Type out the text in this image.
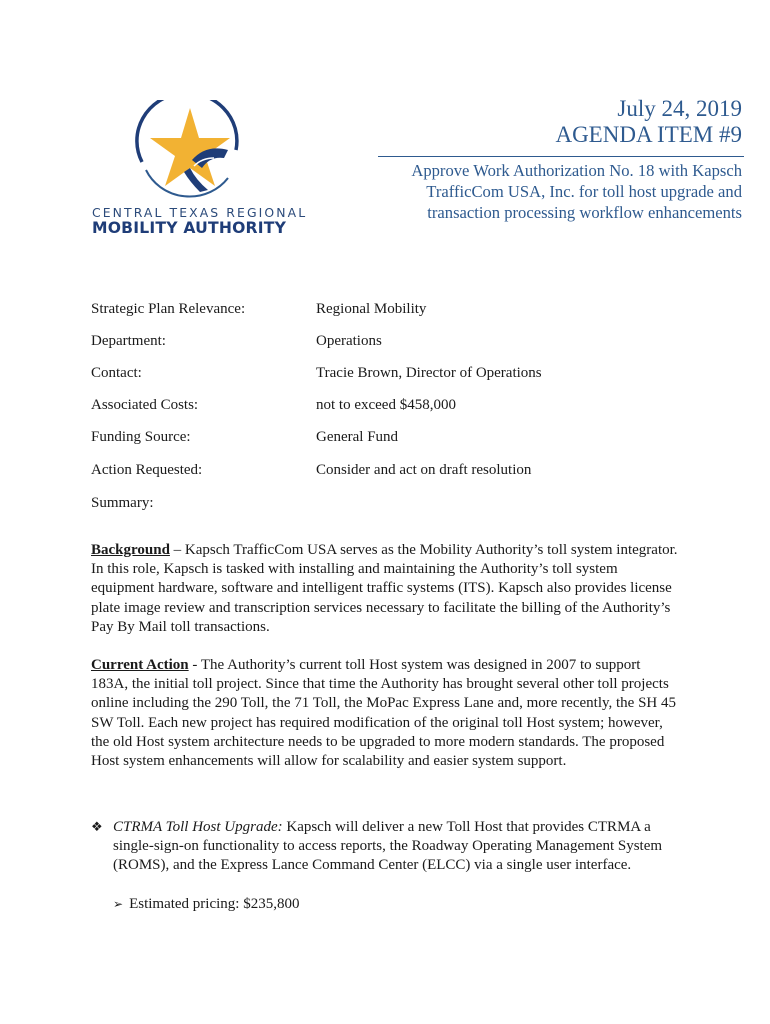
CENTRAL TEXAS REGIONAL
MOBILITY AUTHORITY
July 24, 2019
AGENDA ITEM #9
Approve Work Authorization No. 18 with Kapsch TrafficCom USA, Inc. for toll host upgrade and transaction processing workflow enhancements
Strategic Plan Relevance:	Regional Mobility
Department:	Operations
Contact:	Tracie Brown, Director of Operations
Associated Costs:	not to exceed $458,000
Funding Source:	General Fund
Action Requested:	Consider and act on draft resolution
Summary:
Background – Kapsch TrafficCom USA serves as the Mobility Authority’s toll system integrator. In this role, Kapsch is tasked with installing and maintaining the Authority’s toll system equipment hardware, software and intelligent traffic systems (ITS). Kapsch also provides license plate image review and transcription services necessary to facilitate the billing of the Authority’s Pay By Mail toll transactions.
Current Action - The Authority’s current toll Host system was designed in 2007 to support 183A, the initial toll project. Since that time the Authority has brought several other toll projects online including the 290 Toll, the 71 Toll, the MoPac Express Lane and, more recently, the SH 45 SW Toll. Each new project has required modification of the original toll Host system; however, the old Host system architecture needs to be upgraded to more modern standards. The proposed Host system enhancements will allow for scalability and easier system support.
❖ CTRMA Toll Host Upgrade: Kapsch will deliver a new Toll Host that provides CTRMA a single-sign-on functionality to access reports, the Roadway Operating Management System (ROMS), and the Express Lance Command Center (ELCC) via a single user interface.
➢ Estimated pricing: $235,800
